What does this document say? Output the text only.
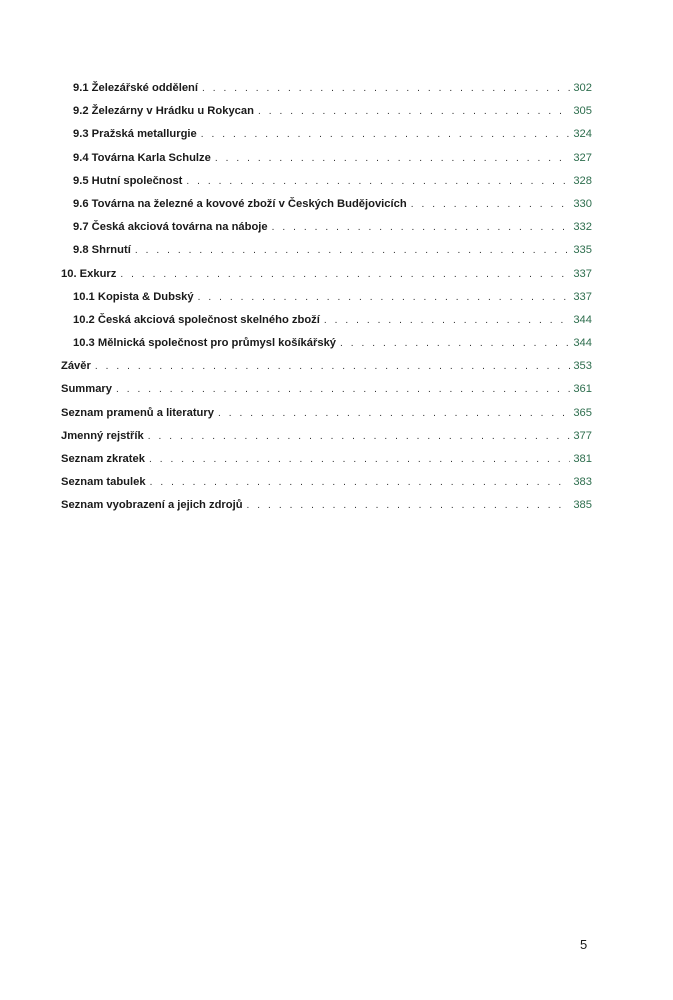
9.1 Železářské oddělení . . .	302
9.2 Železárny v Hrádku u Rokycan . . .	305
9.3 Pražská metallurgie . . .	324
9.4 Továrna Karla Schulze . . .	327
9.5 Hutní společnost . . .	328
9.6 Továrna na železné a kovové zboží v Českých Budějovicích . . .	330
9.7 Česká akciová továrna na náboje . . .	332
9.8 Shrnutí . . .	335
10. Exkurz . . .	337
10.1 Kopista & Dubský . . .	337
10.2 Česká akciová společnost skelného zboží . . .	344
10.3 Mělnická společnost pro průmysl košíkářský . . .	344
Závěr . . .	353
Summary . . .	361
Seznam pramenů a literatury . . .	365
Jmenný rejstřík . . .	377
Seznam zkratek . . .	381
Seznam tabulek . . .	383
Seznam vyobrazení a jejich zdrojů . . .	385
5
